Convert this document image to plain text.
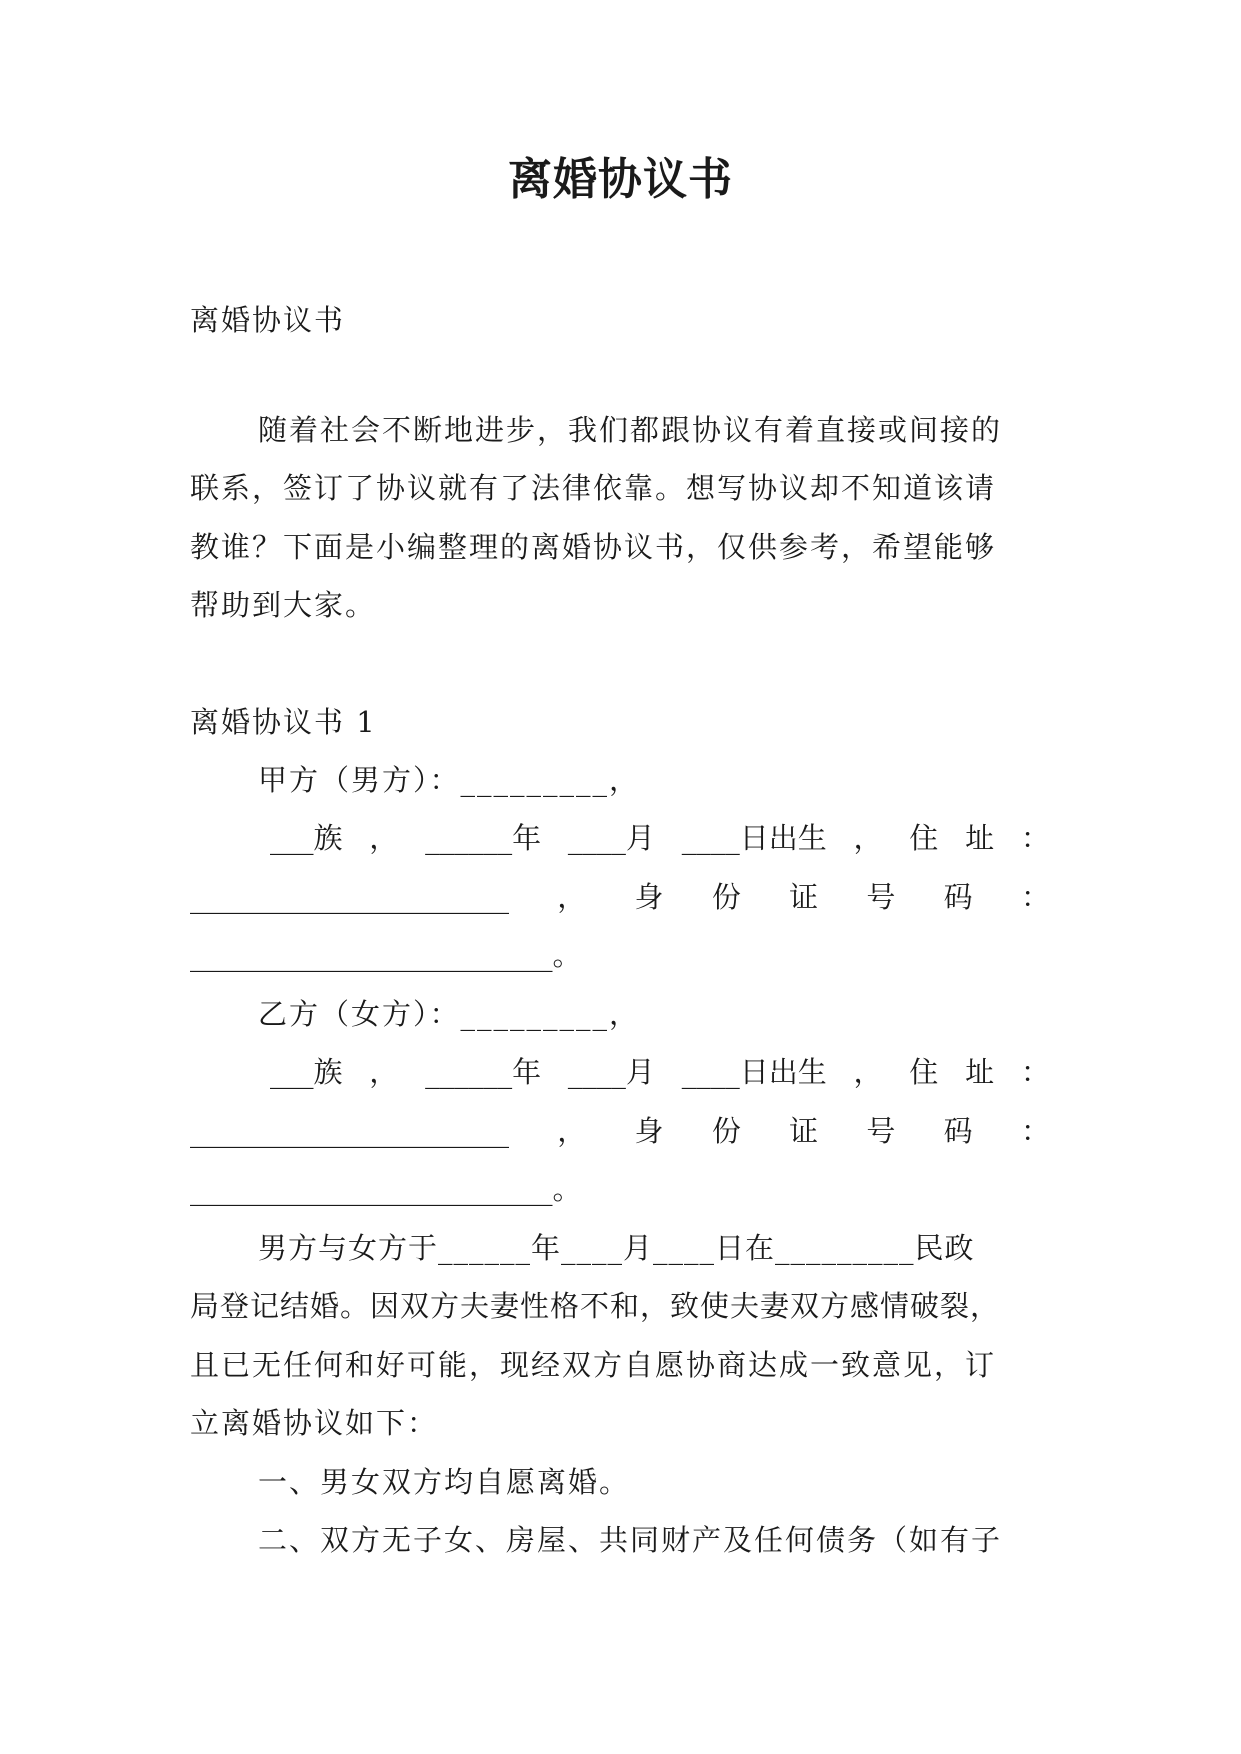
离婚协议书
离婚协议书
随着社会不断地进步，我们都跟协议有着直接或间接的
联系，签订了协议就有了法律依靠。想写协议却不知道该请
教谁？下面是小编整理的离婚协议书，仅供参考，希望能够
帮助到大家。
离婚协议书 1
甲方（男方）：_________，
___族 ， ______年 ____月 ____日出生 ， 住 址 ：
______________________ ， 身 份 证 号 码 ：
_________________________。
乙方（女方）：_________，
___族 ， ______年 ____月 ____日出生 ， 住 址 ：
______________________ ， 身 份 证 号 码 ：
_________________________。
男方与女方于______年____月____日在_________民政
局登记结婚。因双方夫妻性格不和，致使夫妻双方感情破裂，
且已无任何和好可能，现经双方自愿协商达成一致意见，订
立离婚协议如下：
一、男女双方均自愿离婚。
二、双方无子女、房屋、共同财产及任何债务（如有子
